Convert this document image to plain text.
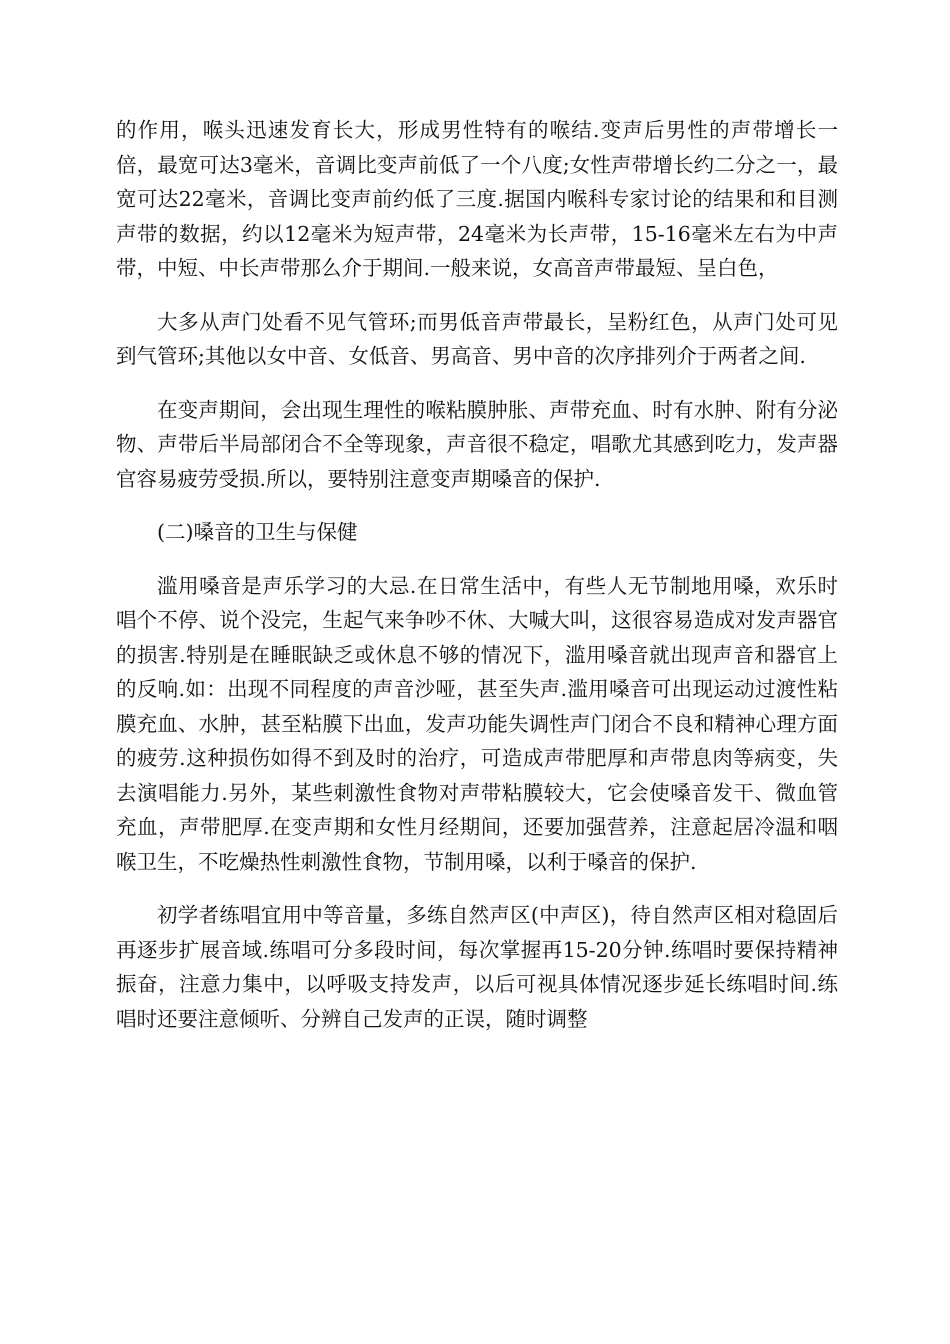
的作用，喉头迅速发育长大，形成男性特有的喉结.变声后男性的声带增长一倍，最宽可达3毫米，音调比变声前低了一个八度;女性声带增长约二分之一，最宽可达22毫米，音调比变声前约低了三度.据国内喉科专家讨论的结果和和目测声带的数据，约以12毫米为短声带，24毫米为长声带，15-16毫米左右为中声带，中短、中长声带那么介于期间.一般来说，女高音声带最短、呈白色，

大多从声门处看不见气管环;而男低音声带最长，呈粉红色，从声门处可见到气管环;其他以女中音、女低音、男高音、男中音的次序排列介于两者之间.

在变声期间，会出现生理性的喉粘膜肿胀、声带充血、时有水肿、附有分泌物、声带后半局部闭合不全等现象，声音很不稳定，唱歌尤其感到吃力，发声器官容易疲劳受损.所以，要特别注意变声期嗓音的保护.

(二)嗓音的卫生与保健

滥用嗓音是声乐学习的大忌.在日常生活中，有些人无节制地用嗓，欢乐时唱个不停、说个没完，生起气来争吵不休、大喊大叫，这很容易造成对发声器官的损害.特别是在睡眠缺乏或休息不够的情况下，滥用嗓音就出现声音和器官上的反响.如：出现不同程度的声音沙哑，甚至失声.滥用嗓音可出现运动过渡性粘膜充血、水肿，甚至粘膜下出血，发声功能失调性声门闭合不良和精神心理方面的疲劳.这种损伤如得不到及时的治疗，可造成声带肥厚和声带息肉等病变，失去演唱能力.另外，某些刺激性食物对声带粘膜较大，它会使嗓音发干、微血管充血，声带肥厚.在变声期和女性月经期间，还要加强营养，注意起居冷温和咽喉卫生，不吃燥热性刺激性食物，节制用嗓，以利于嗓音的保护.

初学者练唱宜用中等音量，多练自然声区(中声区)，待自然声区相对稳固后再逐步扩展音域.练唱可分多段时间，每次掌握再15-20分钟.练唱时要保持精神振奋，注意力集中，以呼吸支持发声，以后可视具体情况逐步延长练唱时间.练唱时还要注意倾听、分辨自己发声的正误，随时调整
